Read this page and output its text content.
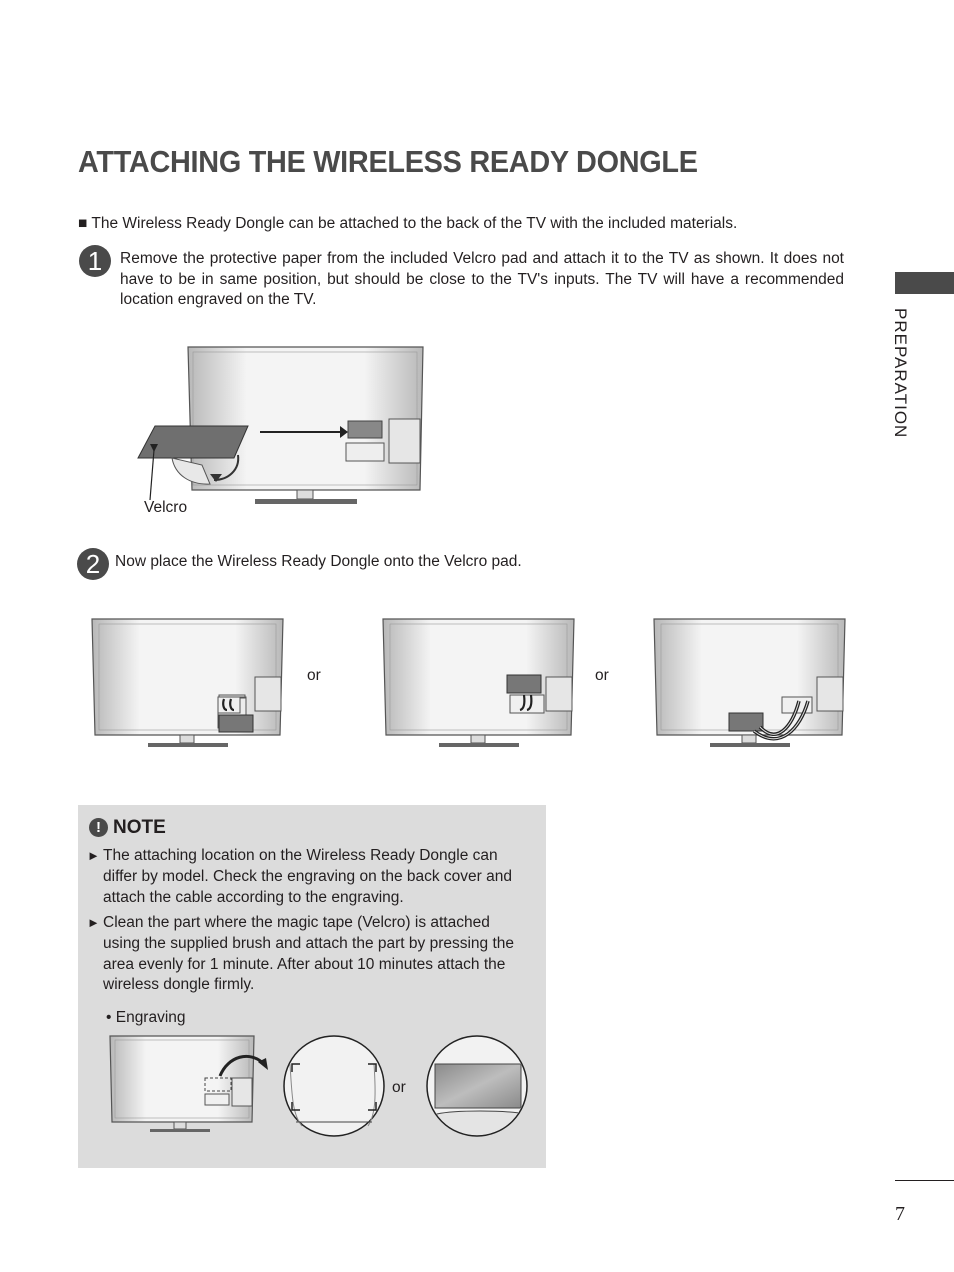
ATTACHING THE WIRELESS READY DONGLE
■ The Wireless Ready Dongle can be attached to the back of the TV with the included materials.
PREPARATION
1	Remove the protective paper from the included Velcro pad and attach it to the TV as shown. It does not have to be in same position, but should be close to the TV's inputs. The TV will have a recommended location engraved on the TV.
Velcro
2 Now place the Wireless Ready Dongle onto the Velcro pad.
or	or
! NOTE
► The attaching location on the Wireless Ready Dongle can differ by model. Check the engraving on the back cover and attach the cable according to the engraving.
► Clean the part where the magic tape (Velcro) is attached using the supplied brush and attach the part by pressing the area evenly for 1 minute. After about 10 minutes attach the wireless dongle firmly.
• Engraving
or
7
